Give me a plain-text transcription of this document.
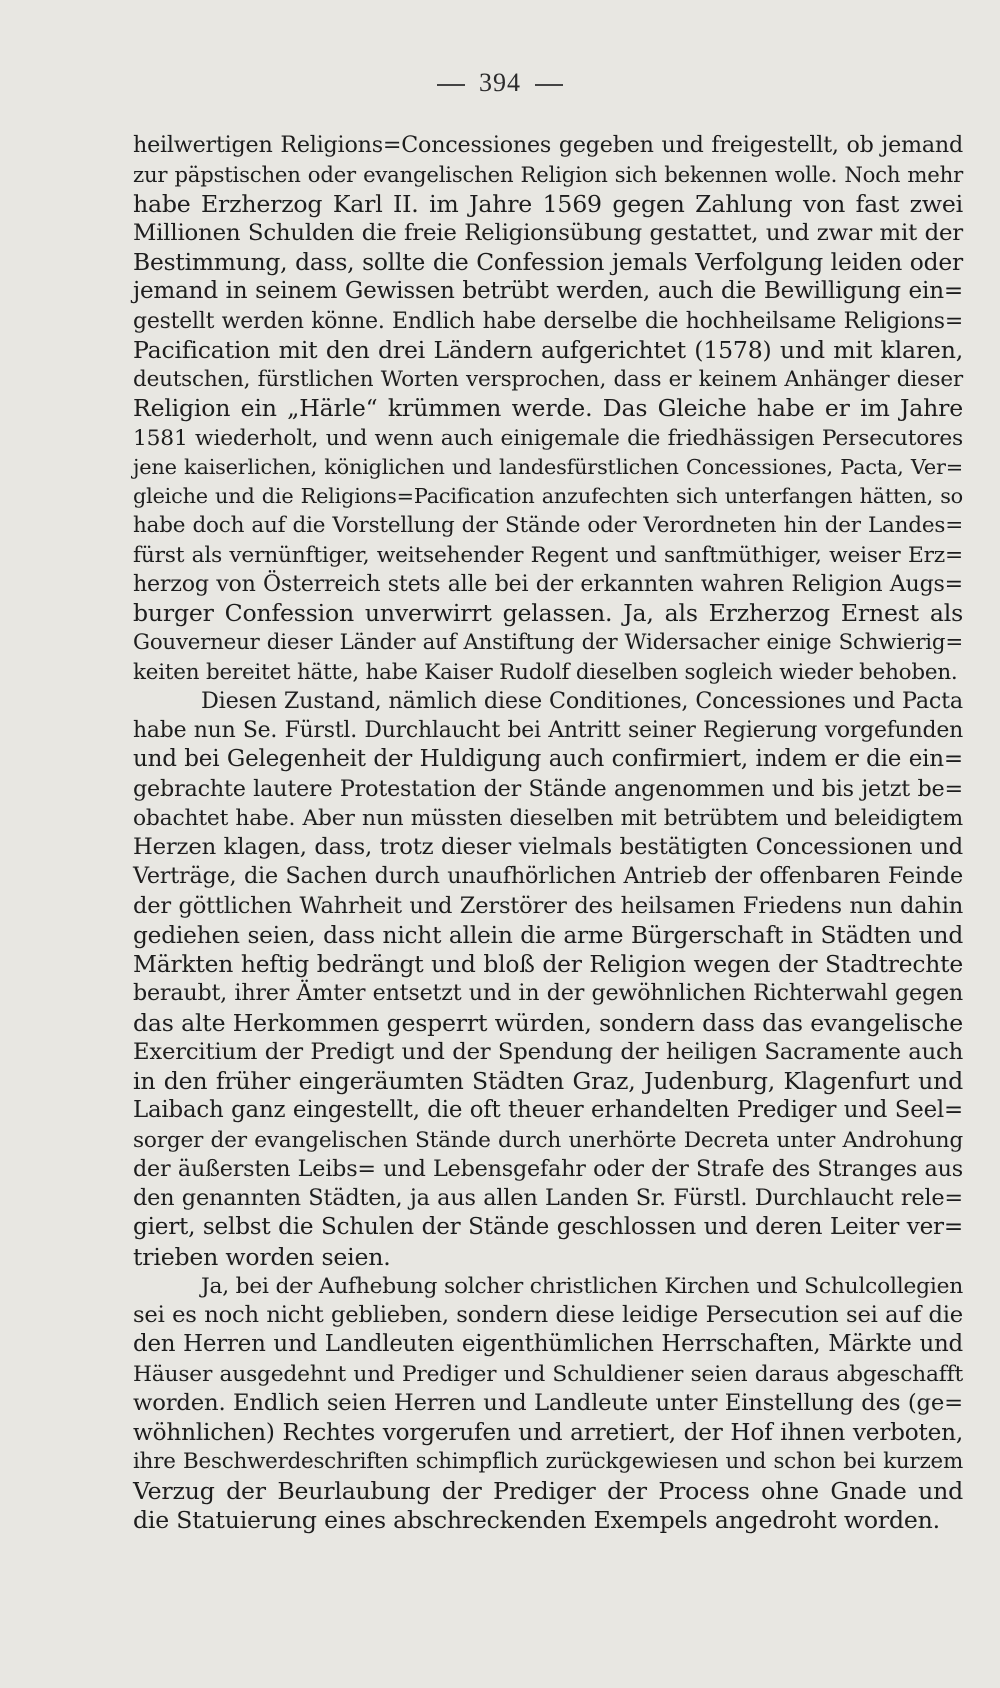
394
heilwertigen Religions=Concessiones gegeben und freigestellt, ob jemand
zur päpstischen oder evangelischen Religion sich bekennen wolle. Noch mehr
habe Erzherzog Karl II. im Jahre 1569 gegen Zahlung von fast zwei
Millionen Schulden die freie Religionsübung gestattet, und zwar mit der
Bestimmung, dass, sollte die Confession jemals Verfolgung leiden oder
jemand in seinem Gewissen betrübt werden, auch die Bewilligung ein=
gestellt werden könne. Endlich habe derselbe die hochheilsame Religions=
Pacification mit den drei Ländern aufgerichtet (1578) und mit klaren,
deutschen, fürstlichen Worten versprochen, dass er keinem Anhänger dieser
Religion ein „Härle“ krümmen werde. Das Gleiche habe er im Jahre
1581 wiederholt, und wenn auch einigemale die friedhässigen Persecutores
jene kaiserlichen, königlichen und landesfürstlichen Concessiones, Pacta, Ver=
gleiche und die Religions=Pacification anzufechten sich unterfangen hätten, so
habe doch auf die Vorstellung der Stände oder Verordneten hin der Landes=
fürst als vernünftiger, weitsehender Regent und sanftmüthiger, weiser Erz=
herzog von Österreich stets alle bei der erkannten wahren Religion Augs=
burger Confession unverwirrt gelassen. Ja, als Erzherzog Ernest als
Gouverneur dieser Länder auf Anstiftung der Widersacher einige Schwierig=
keiten bereitet hätte, habe Kaiser Rudolf dieselben sogleich wieder behoben.
Diesen Zustand, nämlich diese Conditiones, Concessiones und Pacta
habe nun Se. Fürstl. Durchlaucht bei Antritt seiner Regierung vorgefunden
und bei Gelegenheit der Huldigung auch confirmiert, indem er die ein=
gebrachte lautere Protestation der Stände angenommen und bis jetzt be=
obachtet habe. Aber nun müssten dieselben mit betrübtem und beleidigtem
Herzen klagen, dass, trotz dieser vielmals bestätigten Concessionen und
Verträge, die Sachen durch unaufhörlichen Antrieb der offenbaren Feinde
der göttlichen Wahrheit und Zerstörer des heilsamen Friedens nun dahin
gediehen seien, dass nicht allein die arme Bürgerschaft in Städten und
Märkten heftig bedrängt und bloß der Religion wegen der Stadtrechte
beraubt, ihrer Ämter entsetzt und in der gewöhnlichen Richterwahl gegen
das alte Herkommen gesperrt würden, sondern dass das evangelische
Exercitium der Predigt und der Spendung der heiligen Sacramente auch
in den früher eingeräumten Städten Graz, Judenburg, Klagenfurt und
Laibach ganz eingestellt, die oft theuer erhandelten Prediger und Seel=
sorger der evangelischen Stände durch unerhörte Decreta unter Androhung
der äußersten Leibs= und Lebensgefahr oder der Strafe des Stranges aus
den genannten Städten, ja aus allen Landen Sr. Fürstl. Durchlaucht rele=
giert, selbst die Schulen der Stände geschlossen und deren Leiter ver=
trieben worden seien.
Ja, bei der Aufhebung solcher christlichen Kirchen und Schulcollegien
sei es noch nicht geblieben, sondern diese leidige Persecution sei auf die
den Herren und Landleuten eigenthümlichen Herrschaften, Märkte und
Häuser ausgedehnt und Prediger und Schuldiener seien daraus abgeschafft
worden. Endlich seien Herren und Landleute unter Einstellung des (ge=
wöhnlichen) Rechtes vorgerufen und arretiert, der Hof ihnen verboten,
ihre Beschwerdeschriften schimpflich zurückgewiesen und schon bei kurzem
Verzug der Beurlaubung der Prediger der Process ohne Gnade und
die Statuierung eines abschreckenden Exempels angedroht worden.
